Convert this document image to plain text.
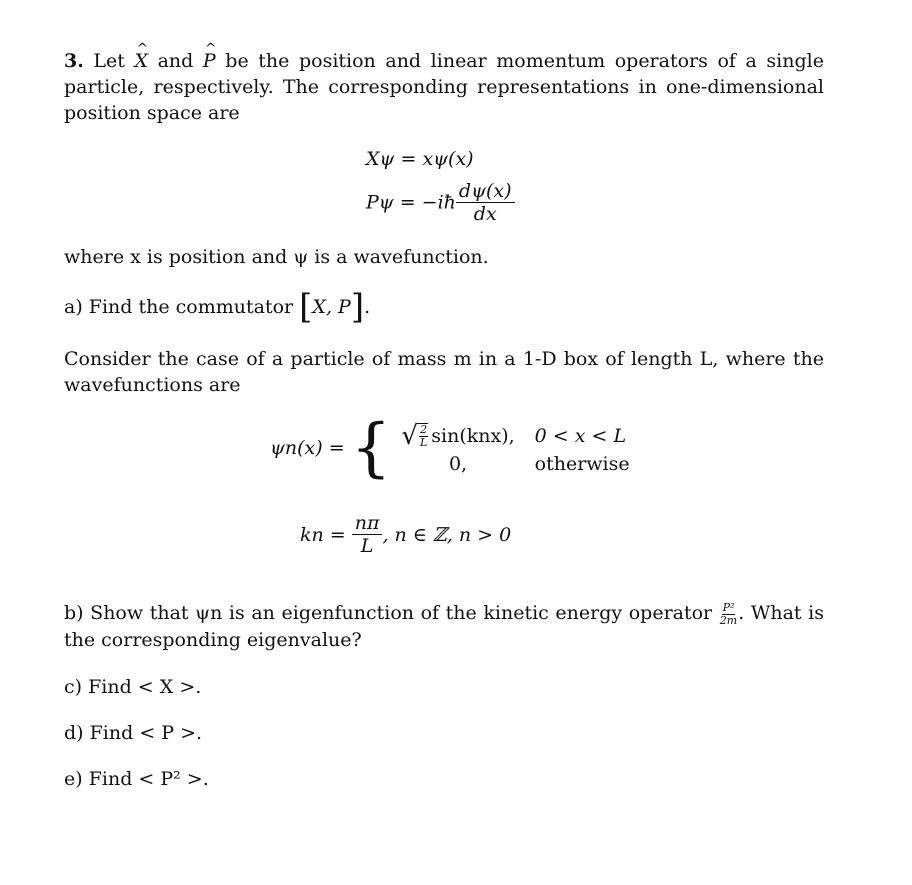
3. Let ^ X and ^ P be the position and linear momentum operators of a single particle, respectively. The corresponding representations in one-dimensional position space are

Xψ = xψ(x)
Pψ = −iħ $\frac{d\psi(x)}{dx}$

where x is position and ψ is a wavefunction.

a) Find the commutator [X, P].

Consider the case of a particle of mass m in a 1-D box of length L, where the wavefunctions are

ψn(x) = { √ $\frac{2}{L} \sin(knx)$, 0 < x < L
0,	otherwise
kn = $\frac{n\pi}{L}$ , n ∈ ℤ, n > 0

b) Show that ψn is an eigenfunction of the kinetic energy operator $\frac{\text{P²}}{2m}$ . What is the corresponding eigenvalue?

c) Find < X >.

d) Find < P >.

e) Find < P² >.
